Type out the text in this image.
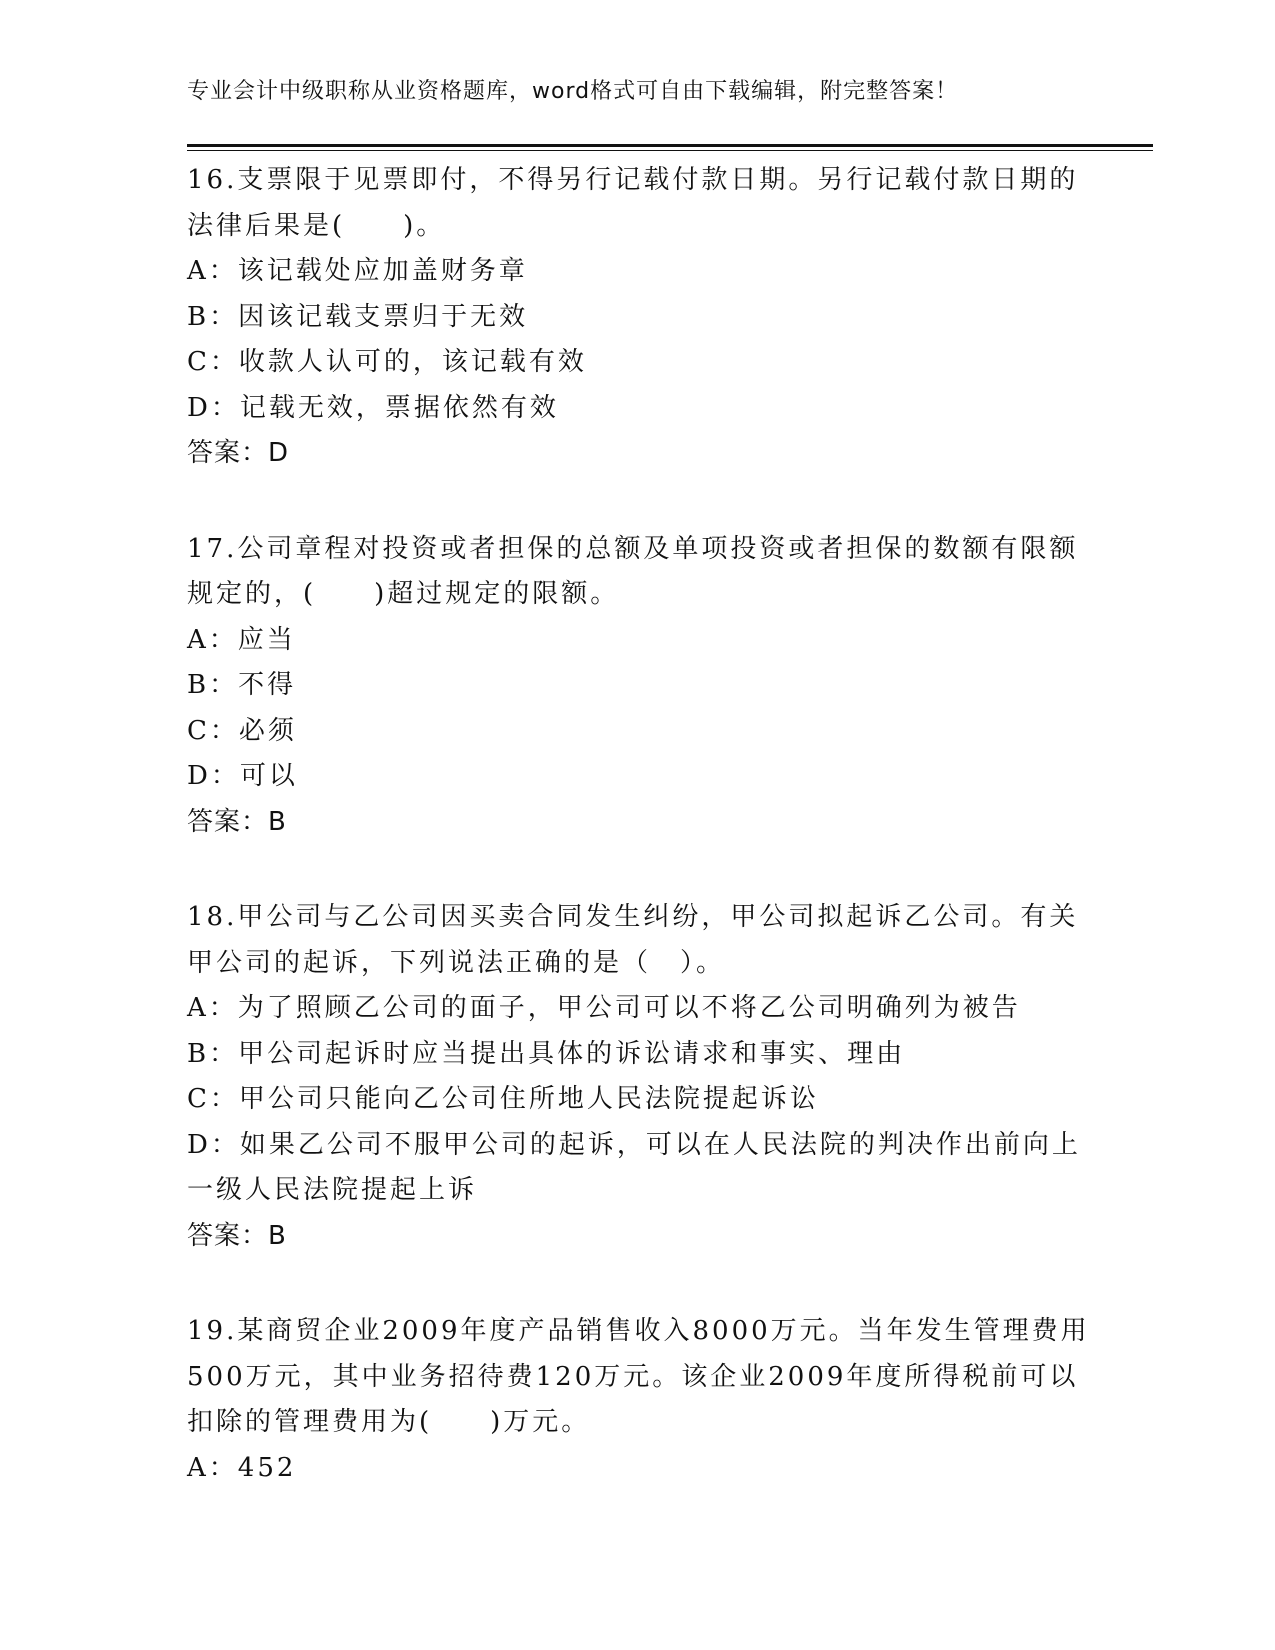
专业会计中级职称从业资格题库，word格式可自由下载编辑，附完整答案！
16.支票限于见票即付，不得另行记载付款日期。另行记载付款日期的
法律后果是(　　)。
A：该记载处应加盖财务章
B：因该记载支票归于无效
C：收款人认可的，该记载有效
D：记载无效，票据依然有效
答案：D
17.公司章程对投资或者担保的总额及单项投资或者担保的数额有限额
规定的，(　　)超过规定的限额。
A：应当
B：不得
C：必须
D：可以
答案：B
18.甲公司与乙公司因买卖合同发生纠纷，甲公司拟起诉乙公司。有关
甲公司的起诉，下列说法正确的是（　）。
A：为了照顾乙公司的面子，甲公司可以不将乙公司明确列为被告
B：甲公司起诉时应当提出具体的诉讼请求和事实、理由
C：甲公司只能向乙公司住所地人民法院提起诉讼
D：如果乙公司不服甲公司的起诉，可以在人民法院的判决作出前向上
一级人民法院提起上诉
答案：B
19.某商贸企业2009年度产品销售收入8000万元。当年发生管理费用
500万元，其中业务招待费120万元。该企业2009年度所得税前可以
扣除的管理费用为(　　)万元。
A：452
